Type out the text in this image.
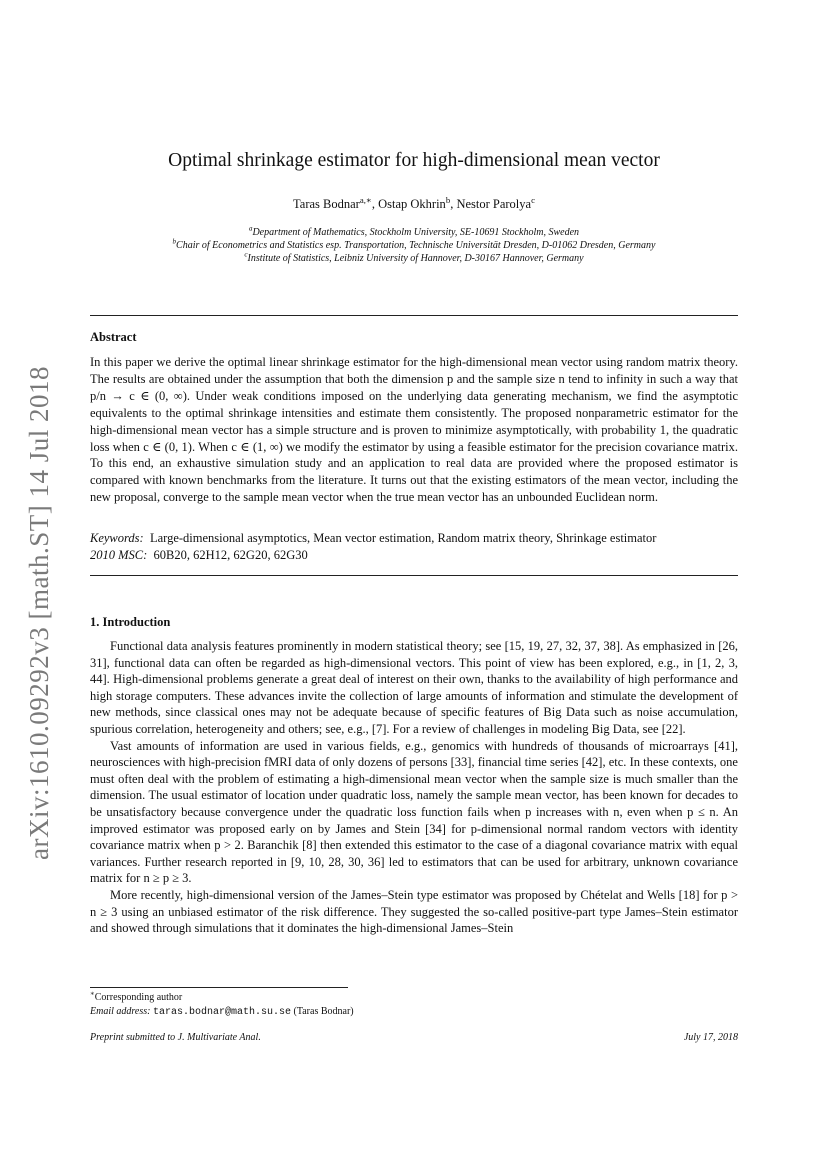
arXiv:1610.09292v3 [math.ST] 14 Jul 2018
Optimal shrinkage estimator for high-dimensional mean vector
Taras Bodnar$^{a,∗}$, Ostap Okhrin$^b$, Nestor Parolya$^c$
$^a$Department of Mathematics, Stockholm University, SE-10691 Stockholm, Sweden
$^b$Chair of Econometrics and Statistics esp. Transportation, Technische Universität Dresden, D-01062 Dresden, Germany
$^c$Institute of Statistics, Leibniz University of Hannover, D-30167 Hannover, Germany
Abstract
In this paper we derive the optimal linear shrinkage estimator for the high-dimensional mean vector using random matrix theory. The results are obtained under the assumption that both the dimension p and the sample size n tend to infinity in such a way that p/n → c ∈ (0, ∞). Under weak conditions imposed on the underlying data generating mechanism, we find the asymptotic equivalents to the optimal shrinkage intensities and estimate them consistently. The proposed nonparametric estimator for the high-dimensional mean vector has a simple structure and is proven to minimize asymptotically, with probability 1, the quadratic loss when c ∈ (0, 1). When c ∈ (1, ∞) we modify the estimator by using a feasible estimator for the precision covariance matrix. To this end, an exhaustive simulation study and an application to real data are provided where the proposed estimator is compared with known benchmarks from the literature. It turns out that the existing estimators of the mean vector, including the new proposal, converge to the sample mean vector when the true mean vector has an unbounded Euclidean norm.
Keywords: Large-dimensional asymptotics, Mean vector estimation, Random matrix theory, Shrinkage estimator
2010 MSC: 60B20, 62H12, 62G20, 62G30
1. Introduction

Functional data analysis features prominently in modern statistical theory; see [15, 19, 27, 32, 37, 38]. As emphasized in [26, 31], functional data can often be regarded as high-dimensional vectors. This point of view has been explored, e.g., in [1, 2, 3, 44]. High-dimensional problems generate a great deal of interest on their own, thanks to the availability of high performance and high storage computers. These advances invite the collection of large amounts of information and stimulate the development of new methods, since classical ones may not be adequate because of specific features of Big Data such as noise accumulation, spurious correlation, heterogeneity and others; see, e.g., [7]. For a review of challenges in modeling Big Data, see [22].

Vast amounts of information are used in various fields, e.g., genomics with hundreds of thousands of microarrays [41], neurosciences with high-precision fMRI data of only dozens of persons [33], financial time series [42], etc. In these contexts, one must often deal with the problem of estimating a high-dimensional mean vector when the sample size is much smaller than the dimension. The usual estimator of location under quadratic loss, namely the sample mean vector, has been known for decades to be unsatisfactory because convergence under the quadratic loss function fails when p increases with n, even when p ≤ n. An improved estimator was proposed early on by James and Stein [34] for p-dimensional normal random vectors with identity covariance matrix when p > 2. Baranchik [8] then extended this estimator to the case of a diagonal covariance matrix with equal variances. Further research reported in [9, 10, 28, 30, 36] led to estimators that can be used for arbitrary, unknown covariance matrix for n ≥ p ≥ 3.

More recently, high-dimensional version of the James–Stein type estimator was proposed by Chételat and Wells [18] for p > n ≥ 3 using an unbiased estimator of the risk difference. They suggested the so-called positive-part type James–Stein estimator and showed through simulations that it dominates the high-dimensional James–Stein

∗Corresponding author
Email address: taras.bodnar@math.su.se (Taras Bodnar)
Preprint submitted to J. Multivariate Anal.	July 17, 2018
